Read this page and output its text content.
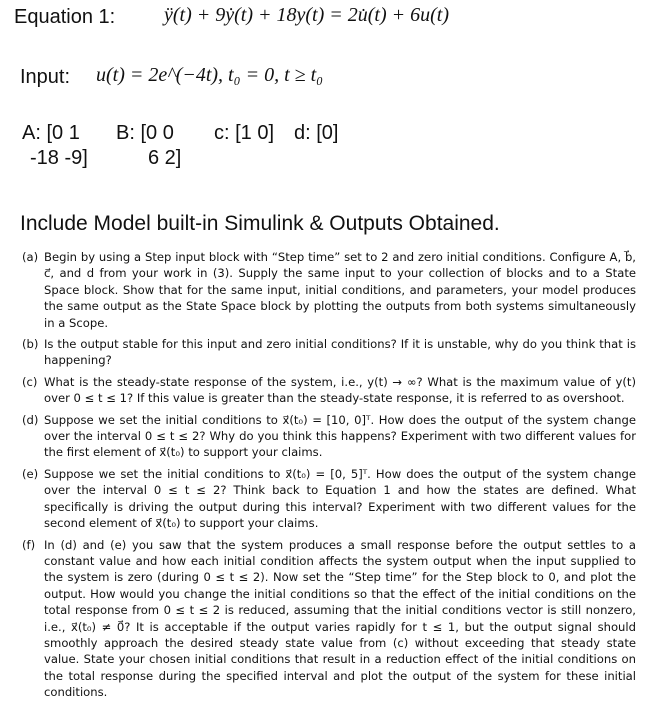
Equation 1: ÿ(t) + 9ẏ(t) + 18y(t) = 2u̇(t) + 6u(t)
Input: u(t) = 2e^(−4t), t₀ = 0, t ≥ t₀
A: [0 1
-18 -9]
B: [0 0
6 2]
c: [1 0] d: [0]
Include Model built-in Simulink & Outputs Obtained.
(a) Begin by using a Step input block with “Step time” set to 2 and zero initial conditions. Configure A, b⃗, c⃗, and d from your work in (3). Supply the same input to your collection of blocks and to a State Space block. Show that for the same input, initial conditions, and parameters, your model produces the same output as the State Space block by plotting the outputs from both systems simultaneously in a Scope.
(b) Is the output stable for this input and zero initial conditions? If it is unstable, why do you think that is happening?
(c) What is the steady-state response of the system, i.e., y(t) → ∞? What is the maximum value of y(t) over 0 ≤ t ≤ 1? If this value is greater than the steady-state response, it is referred to as overshoot.
(d) Suppose we set the initial conditions to x⃗(t₀) = [10, 0]ᵀ. How does the output of the system change over the interval 0 ≤ t ≤ 2? Why do you think this happens? Experiment with two different values for the first element of x⃗(t₀) to support your claims.
(e) Suppose we set the initial conditions to x⃗(t₀) = [0, 5]ᵀ. How does the output of the system change over the interval 0 ≤ t ≤ 2? Think back to Equation 1 and how the states are defined. What specifically is driving the output during this interval? Experiment with two different values for the second element of x⃗(t₀) to support your claims.
(f) In (d) and (e) you saw that the system produces a small response before the output settles to a constant value and how each initial condition affects the system output when the input supplied to the system is zero (during 0 ≤ t ≤ 2). Now set the “Step time” for the Step block to 0, and plot the output. How would you change the initial conditions so that the effect of the initial conditions on the total response from 0 ≤ t ≤ 2 is reduced, assuming that the initial conditions vector is still nonzero, i.e., x⃗(t₀) ≠ 0⃗? It is acceptable if the output varies rapidly for t ≤ 1, but the output signal should smoothly approach the desired steady state value from (c) without exceeding that steady state value. State your chosen initial conditions that result in a reduction effect of the initial conditions on the total response during the specified interval and plot the output of the system for these initial conditions.
